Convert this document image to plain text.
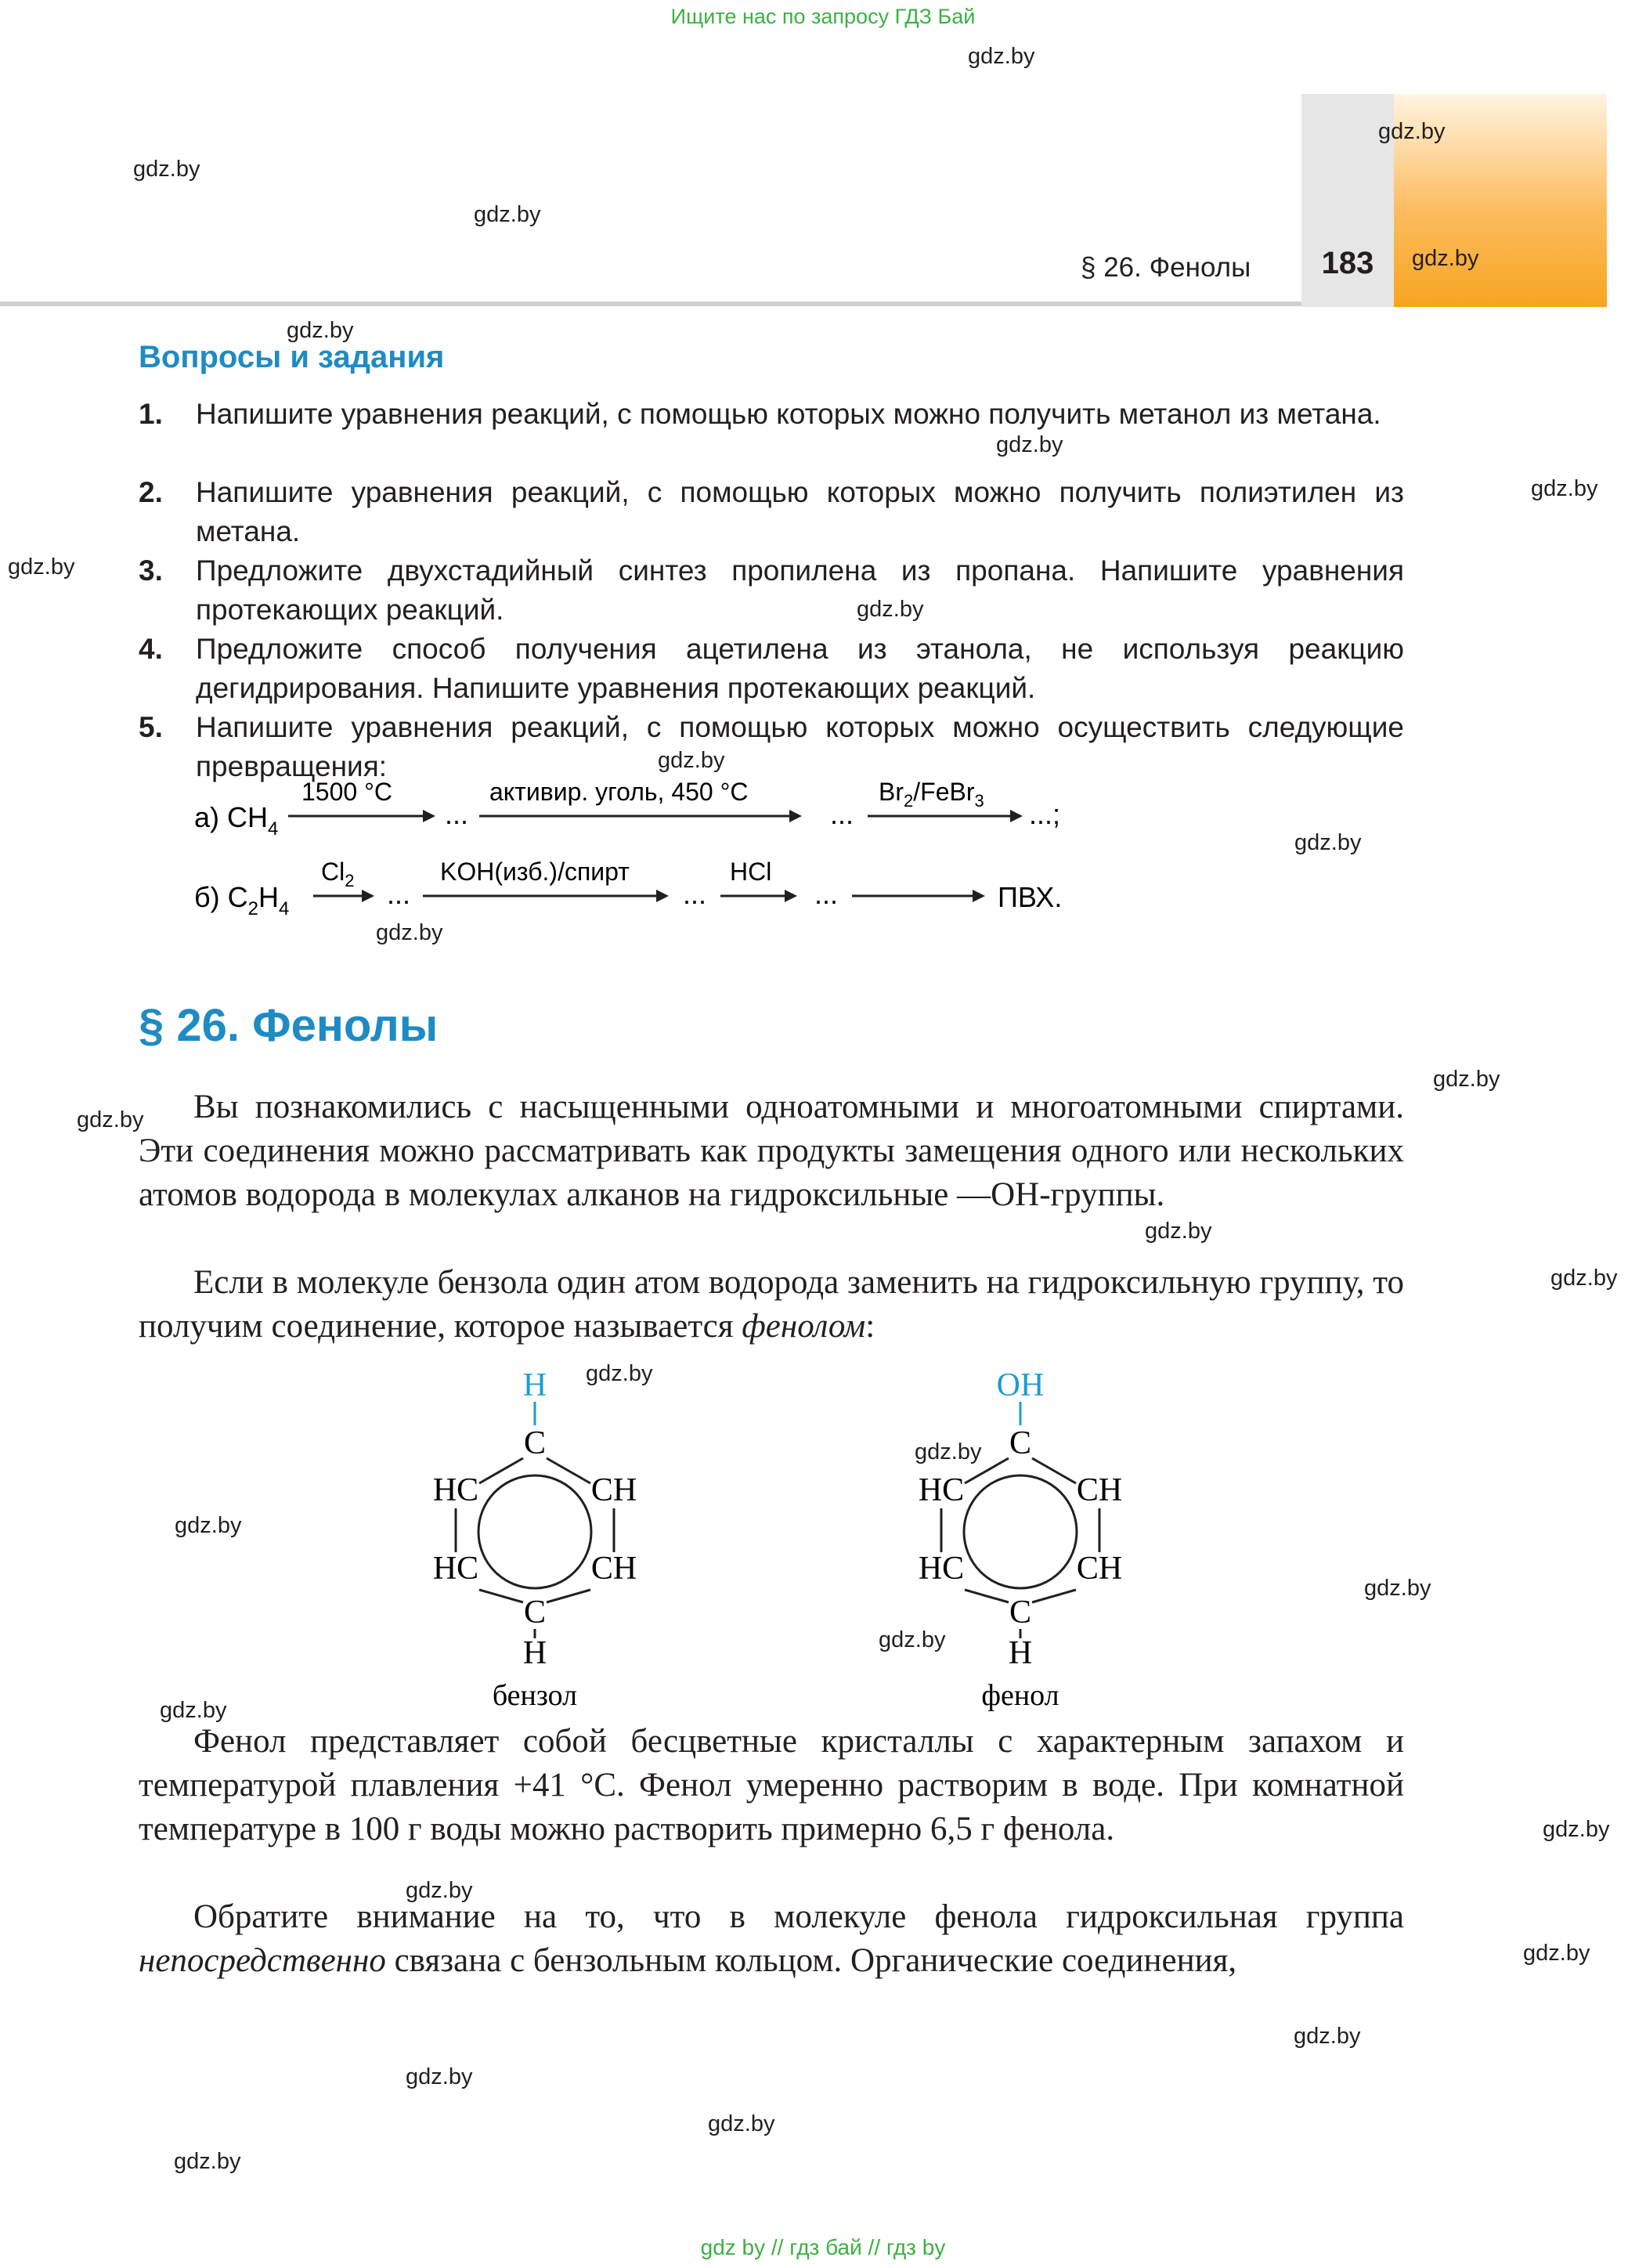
Ищите нас по запросу ГДЗ Бай
§ 26. Фенолы	183
gdz.by
gdz.by
gdz.by
gdz.by
gdz.by
gdz.by
gdz.by
gdz.by
gdz.by
gdz.by
gdz.by
gdz.by
gdz.by
gdz.by
gdz.by
gdz.by
gdz.by
gdz.by
gdz.by
gdz.by
gdz.by
gdz.by
gdz.by
gdz.by
gdz.by
gdz.by
gdz.by
gdz.by
gdz.by
gdz.by
Вопросы и задания
1. Напишите уравнения реакций, с помощью которых можно получить метанол из метана.
2. Напишите уравнения реакций, с помощью которых можно получить полиэтилен из метана.
3. Предложите двухстадийный синтез пропилена из пропана. Напишите уравнения протекающих реакций.
4. Предложите способ получения ацетилена из этанола, не используя реакцию дегидрирования. Напишите уравнения протекающих реакций.
5. Напишите уравнения реакций, с помощью которых можно осуществить следующие превращения:
а) $CH_4$
1500 °C
...
активир. уголь, 450 °C
...
$Br_2/FeBr_3$ ...;
б) $C_2H_4$
$Cl_2$ ...
KOH(изб.)/спирт
...
HCl
...	ПВХ.
§ 26. Фенолы
Вы познакомились с насыщенными одноатомными и многоатомными спиртами. Эти соединения можно рассматривать как продукты замещения одного или нескольких атомов водорода в молекулах алканов на гидроксильные —OH-группы.
Если в молекуле бензола один атом водорода заменить на гидроксильную группу, то получим соединение, которое называется фенолом:
H
C
HC	CH
HC	CH
C
H
бензол
OH
C
HC	CH
HC	CH
C
H
фенол
Фенол представляет собой бесцветные кристаллы с характерным запахом и температурой плавления +41 °C. Фенол умеренно растворим в воде. При комнатной температуре в 100 г воды можно растворить примерно 6,5 г фенола.
Обратите внимание на то, что в молекуле фенола гидроксильная группа непосредственно связана с бензольным кольцом. Органические соединения,
gdz by // гдз бай // гдз by
